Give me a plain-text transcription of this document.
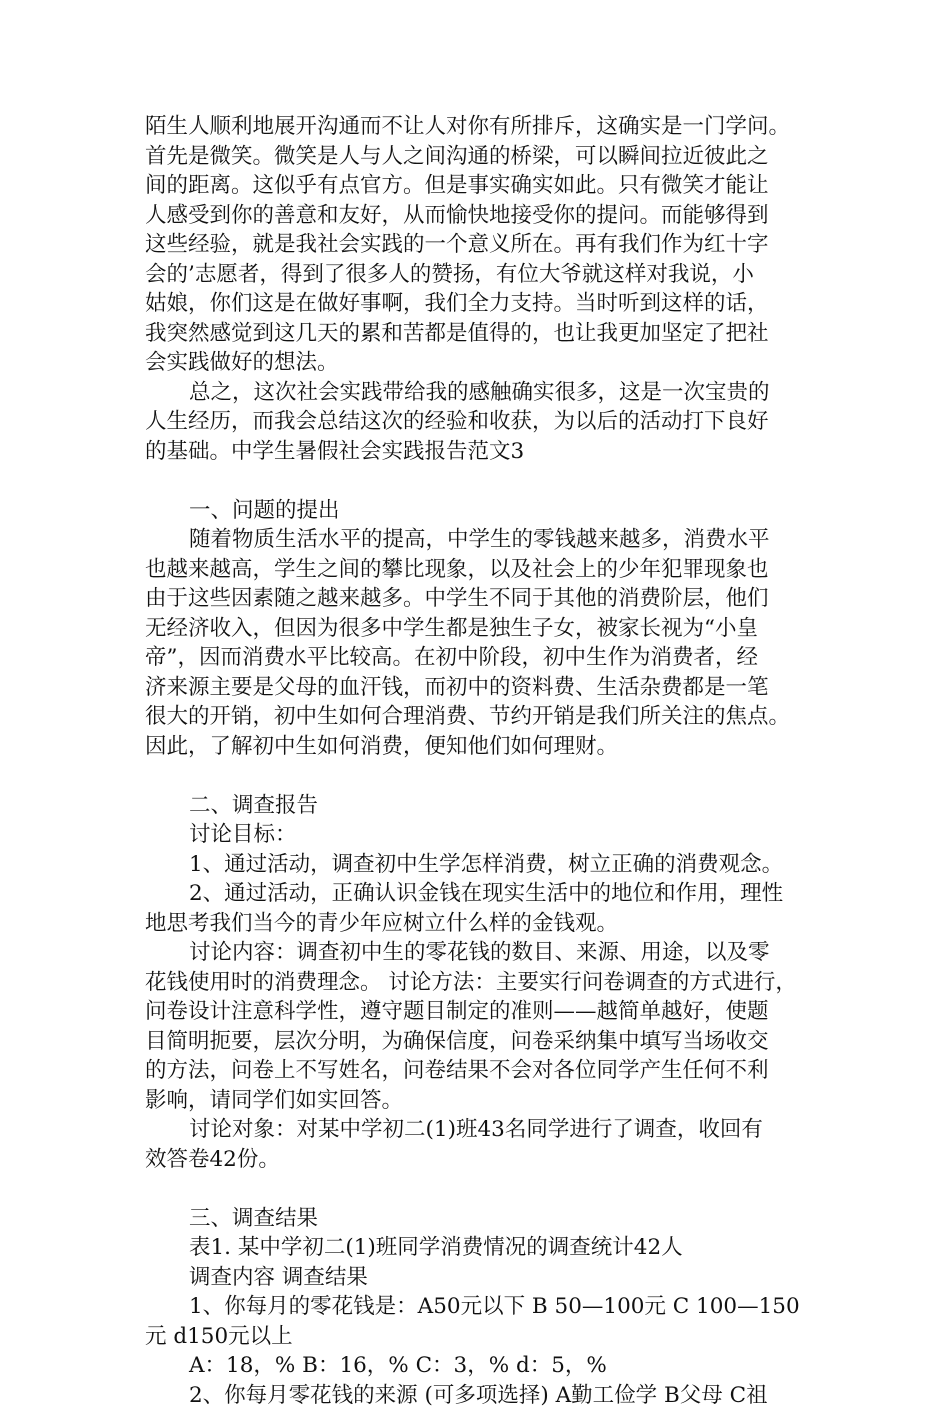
陌生人顺利地展开沟通而不让人对你有所排斥，这确实是一门学问。
首先是微笑。微笑是人与人之间沟通的桥梁，可以瞬间拉近彼此之
间的距离。这似乎有点官方。但是事实确实如此。只有微笑才能让
人感受到你的善意和友好，从而愉快地接受你的提问。而能够得到
这些经验，就是我社会实践的一个意义所在。再有我们作为红十字
会的’志愿者，得到了很多人的赞扬，有位大爷就这样对我说，小
姑娘，你们这是在做好事啊，我们全力支持。当时听到这样的话，
我突然感觉到这几天的累和苦都是值得的，也让我更加坚定了把社
会实践做好的想法。
总之，这次社会实践带给我的感触确实很多，这是一次宝贵的
人生经历，而我会总结这次的经验和收获，为以后的活动打下良好
的基础。中学生暑假社会实践报告范文3
一、问题的提出
随着物质生活水平的提高，中学生的零钱越来越多，消费水平
也越来越高，学生之间的攀比现象，以及社会上的少年犯罪现象也
由于这些因素随之越来越多。中学生不同于其他的消费阶层，他们
无经济收入，但因为很多中学生都是独生子女，被家长视为“小皇
帝”，因而消费水平比较高。在初中阶段，初中生作为消费者，经
济来源主要是父母的血汗钱，而初中的资料费、生活杂费都是一笔
很大的开销，初中生如何合理消费、节约开销是我们所关注的焦点。
因此，了解初中生如何消费，便知他们如何理财。
二、调查报告
讨论目标：
1、通过活动，调查初中生学怎样消费，树立正确的消费观念。
2、通过活动，正确认识金钱在现实生活中的地位和作用，理性
地思考我们当今的青少年应树立什么样的金钱观。
讨论内容：调查初中生的零花钱的数目、来源、用途，以及零
花钱使用时的消费理念。 讨论方法：主要实行问卷调查的方式进行，
问卷设计注意科学性，遵守题目制定的准则——越简单越好，使题
目简明扼要，层次分明，为确保信度，问卷采纳集中填写当场收交
的方法，问卷上不写姓名，问卷结果不会对各位同学产生任何不利
影响，请同学们如实回答。
讨论对象：对某中学初二(1)班43名同学进行了调查，收回有
效答卷42份。
三、调查结果
表1. 某中学初二(1)班同学消费情况的调查统计42人
调查内容 调查结果
1、你每月的零花钱是：A50元以下 B 50—100元 C 100—150
元 d150元以上
A：18，% B：16，% C：3，% d：5，%
2、你每月零花钱的来源 (可多项选择) A勤工俭学 B父母 C祖
